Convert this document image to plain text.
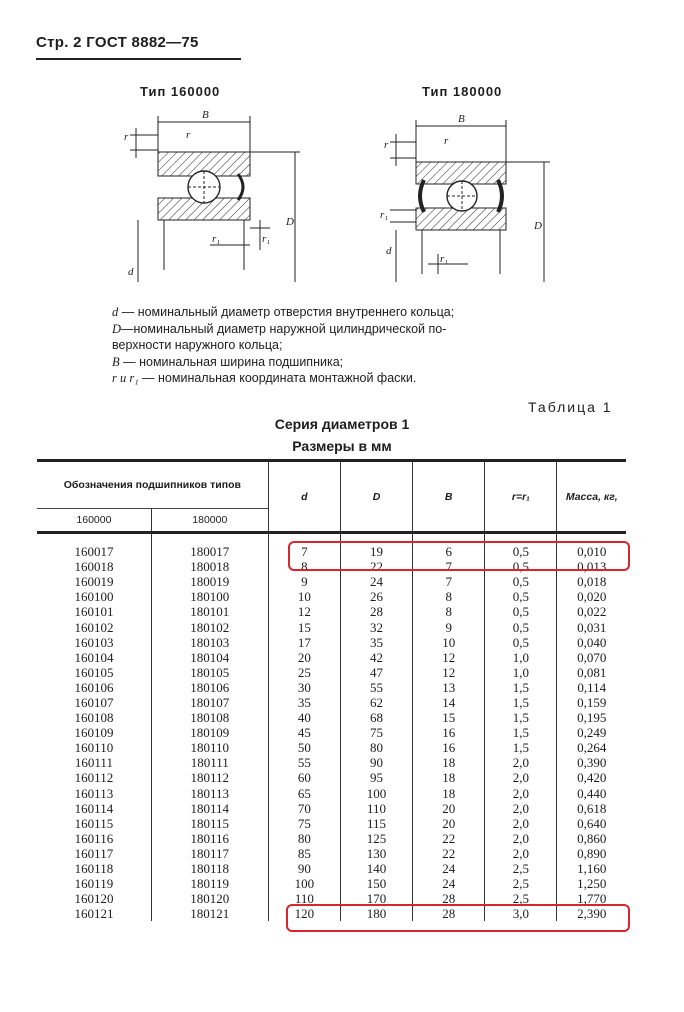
Стр. 2 ГОСТ 8882—75
Тип 160000	Тип 180000
B
r	r
r₁	r₁
d
D
B
r	r
r₁
r₁
d
D
d — номинальный диаметр отверстия внутреннего кольца;
D—номинальный диаметр наружной цилиндрической по-
верхности наружного кольца;
B — номинальная ширина подшипника;
r и r₁ — номинальная координата монтажной фаски.
Таблица 1
Серия диаметров 1
Размеры в мм
Обозначения подшипников типов		d	D	B	r=r₁	Масса, кг,
160000	180000					
160017	180017	7	19	6	0,5	0,010
160018	180018	8	22	7	0,5	0,013
160019	180019	9	24	7	0,5	0,018
160100	180100	10	26	8	0,5	0,020
160101	180101	12	28	8	0,5	0,022
160102	180102	15	32	9	0,5	0,031
160103	180103	17	35	10	0,5	0,040
160104	180104	20	42	12	1,0	0,070
160105	180105	25	47	12	1,0	0,081
160106	180106	30	55	13	1,5	0,114
160107	180107	35	62	14	1,5	0,159
160108	180108	40	68	15	1,5	0,195
160109	180109	45	75	16	1,5	0,249
160110	180110	50	80	16	1,5	0,264
160111	180111	55	90	18	2,0	0,390
160112	180112	60	95	18	2,0	0,420
160113	180113	65	100	18	2,0	0,440
160114	180114	70	110	20	2,0	0,618
160115	180115	75	115	20	2,0	0,640
160116	180116	80	125	22	2,0	0,860
160117	180117	85	130	22	2,0	0,890
160118	180118	90	140	24	2,5	1,160
160119	180119	100	150	24	2,5	1,250
160120	180120	110	170	28	2,5	1,770
160121	180121	120	180	28	3,0	2,390
